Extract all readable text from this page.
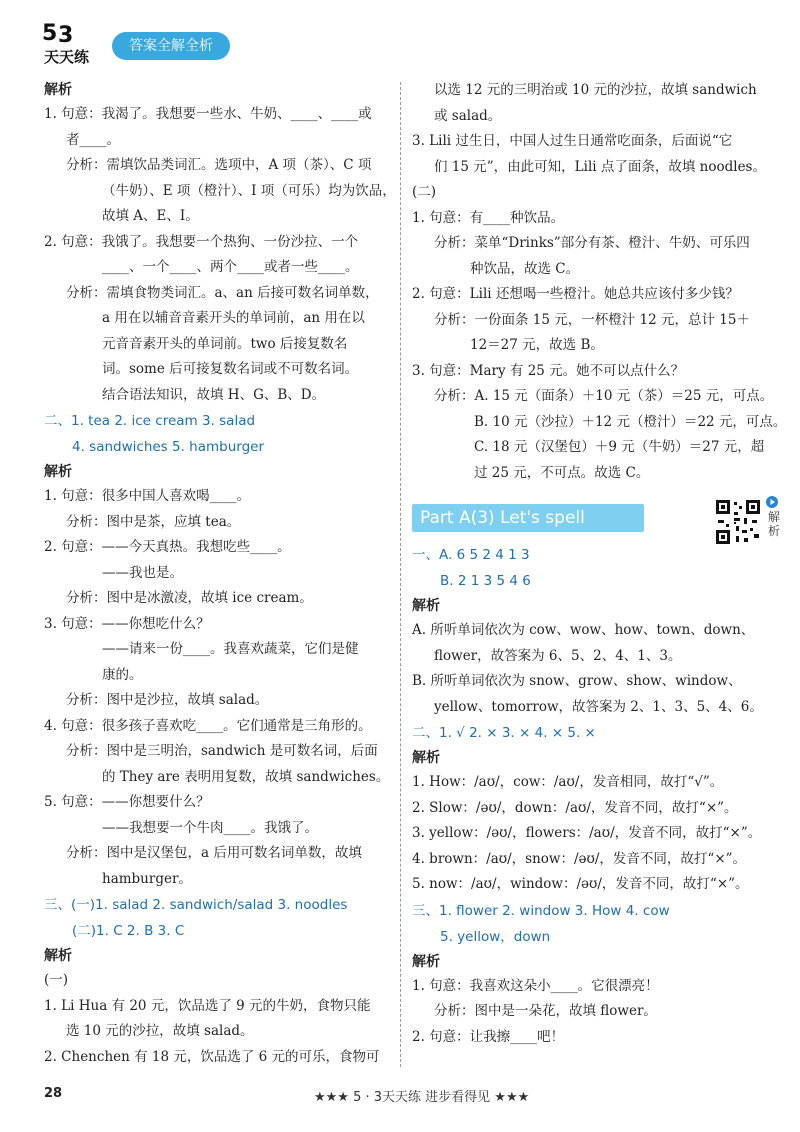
5 3
天天练
答案全解全析
解析
1. 句意：我渴了。我想要一些水、牛奶、____、____或
者____。
分析：需填饮品类词汇。选项中，A 项（茶）、C 项
（牛奶）、E 项（橙汁）、I 项（可乐）均为饮品，
故填 A、E、I。
2. 句意：我饿了。我想要一个热狗、一份沙拉、一个
____、一个____、两个____或者一些____。
分析：需填食物类词汇。a、an 后接可数名词单数，
a 用在以辅音音素开头的单词前，an 用在以
元音音素开头的单词前。two 后接复数名
词。some 后可接复数名词或不可数名词。
结合语法知识，故填 H、G、B、D。
二、1. tea 2. ice cream 3. salad
4. sandwiches 5. hamburger
解析
1. 句意：很多中国人喜欢喝____。
分析：图中是茶，应填 tea。
2. 句意：——今天真热。我想吃些____。
——我也是。
分析：图中是冰激凌，故填 ice cream。
3. 句意：——你想吃什么？
——请来一份____。我喜欢蔬菜，它们是健
康的。
分析：图中是沙拉，故填 salad。
4. 句意：很多孩子喜欢吃____。它们通常是三角形的。
分析：图中是三明治，sandwich 是可数名词，后面
的 They are 表明用复数，故填 sandwiches。
5. 句意：——你想要什么？
——我想要一个牛肉____。我饿了。
分析：图中是汉堡包，a 后用可数名词单数，故填
hamburger。
三、(一)1. salad 2. sandwich/salad 3. noodles
(二)1. C 2. B 3. C
解析
(一)
1. Li Hua 有 20 元，饮品选了 9 元的牛奶，食物只能
选 10 元的沙拉，故填 salad。
2. Chenchen 有 18 元，饮品选了 6 元的可乐，食物可
以选 12 元的三明治或 10 元的沙拉，故填 sandwich
或 salad。
3. Lili 过生日，中国人过生日通常吃面条，后面说“它
们 15 元”，由此可知，Lili 点了面条，故填 noodles。
(二)
1. 句意：有____种饮品。
分析：菜单“Drinks”部分有茶、橙汁、牛奶、可乐四
种饮品，故选 C。
2. 句意：Lili 还想喝一些橙汁。她总共应该付多少钱？
分析：一份面条 15 元，一杯橙汁 12 元，总计 15＋
12＝27 元，故选 B。
3. 句意：Mary 有 25 元。她不可以点什么？
分析：A. 15 元（面条）＋10 元（茶）＝25 元，可点。
B. 10 元（沙拉）＋12 元（橙汁）＝22 元，可点。
C. 18 元（汉堡包）＋9 元（牛奶）＝27 元，超
过 25 元，不可点。故选 C。
Part A(3) Let's spell	解析
一、A. 6 5 2 4 1 3
B. 2 1 3 5 4 6
解析
A. 所听单词依次为 cow、wow、how、town、down、
flower，故答案为 6、5、2、4、1、3。
B. 所听单词依次为 snow、grow、show、window、
yellow、tomorrow，故答案为 2、1、3、5、4、6。
二、1. √ 2. × 3. × 4. × 5. ×
解析
1. How：/aʊ/，cow：/aʊ/，发音相同，故打“√”。
2. Slow：/əʊ/，down：/aʊ/，发音不同，故打“×”。
3. yellow：/əʊ/，flowers：/aʊ/，发音不同，故打“×”。
4. brown：/aʊ/，snow：/əʊ/，发音不同，故打“×”。
5. now：/aʊ/，window：/əʊ/，发音不同，故打“×”。
三、1. flower 2. window 3. How 4. cow
5. yellow，down
解析
1. 句意：我喜欢这朵小____。它很漂亮！
分析：图中是一朵花，故填 flower。
2. 句意：让我擦____吧！
28	★★★ 5 · 3天天练 进步看得见 ★★★
